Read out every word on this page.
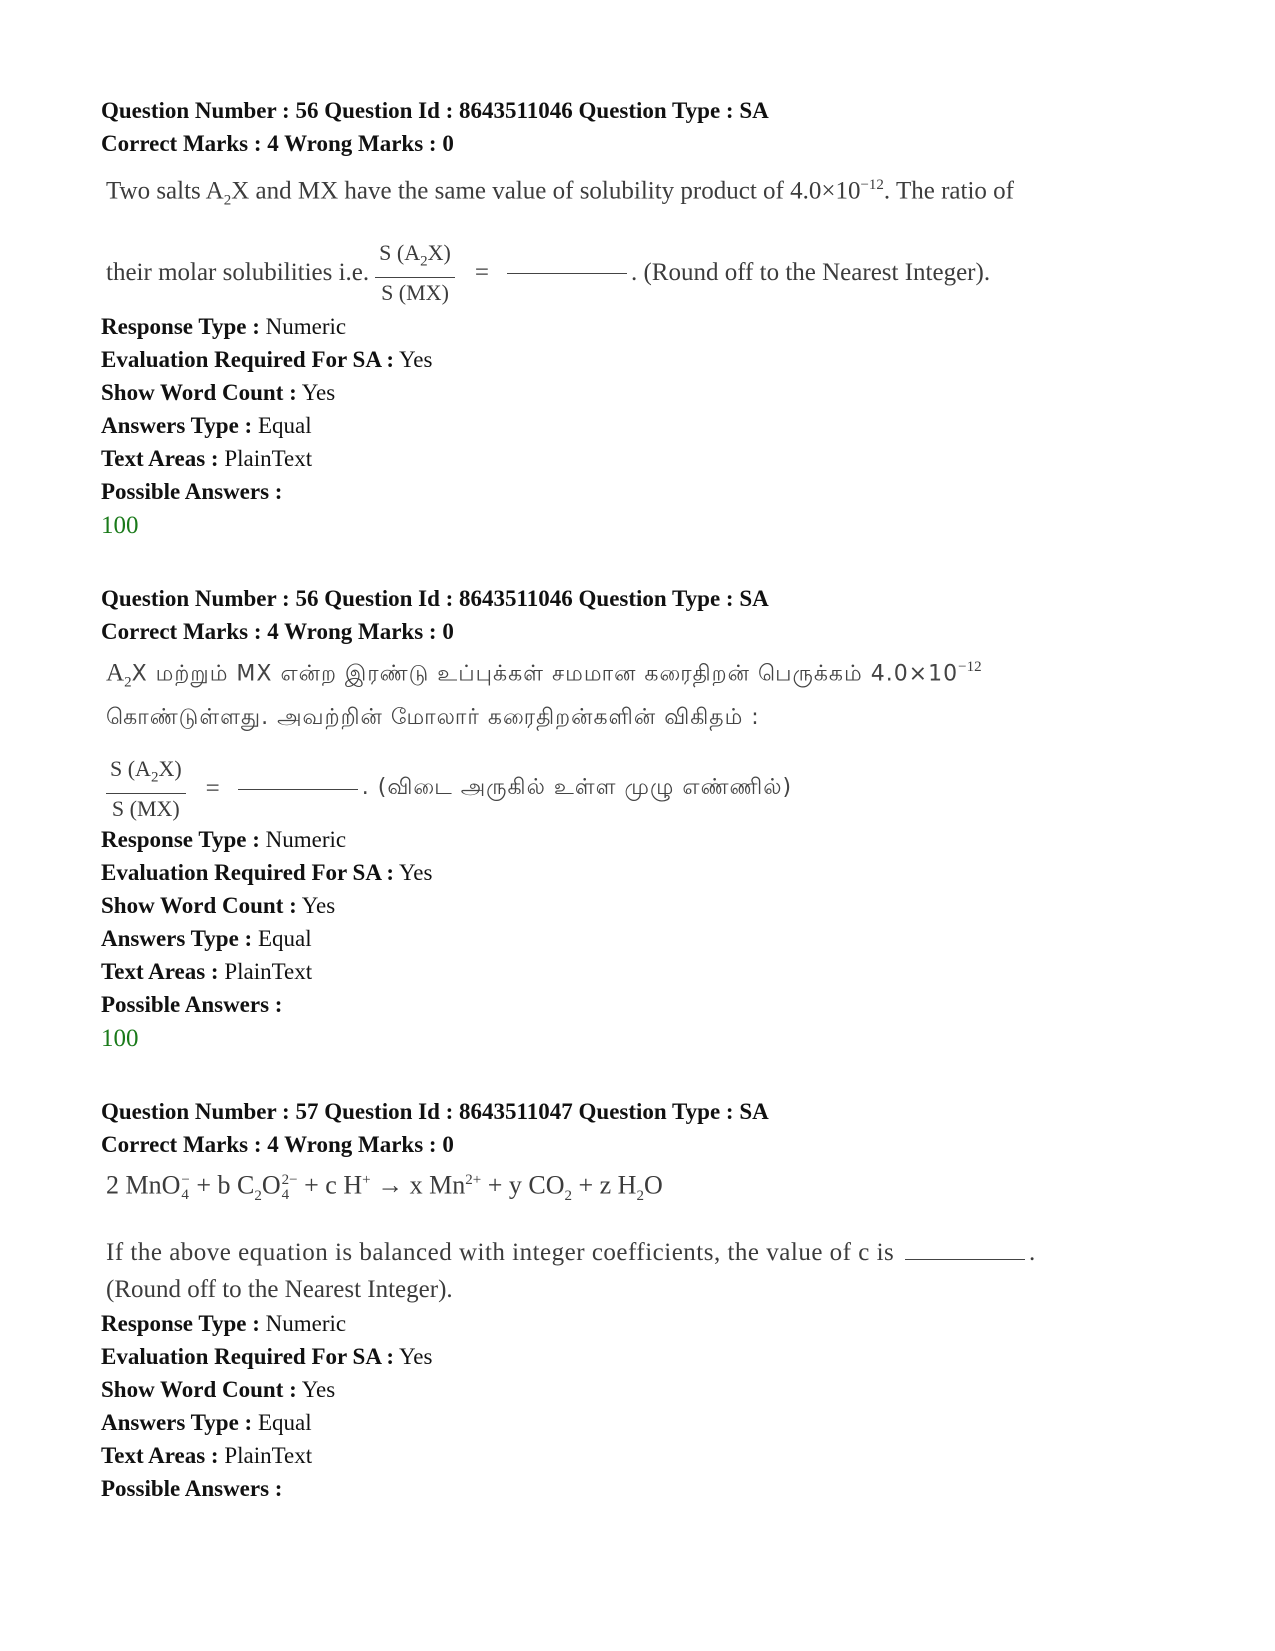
Question Number : 56 Question Id : 8643511046 Question Type : SA
Correct Marks : 4 Wrong Marks : 0
Two salts $A_2X$ and MX have the same value of solubility product of $4.0\times 10^{-12}$. The ratio of
their molar solubilities i.e. $\frac{S (A_2X)}{S (MX)}$ =	. (Round off to the Nearest Integer).
Response Type : Numeric
Evaluation Required For SA : Yes
Show Word Count : Yes
Answers Type : Equal
Text Areas : PlainText
Possible Answers :
100
Question Number : 56 Question Id : 8643511046 Question Type : SA
Correct Marks : 4 Wrong Marks : 0
$A_2X$ மற்றும் MX என்ற இரண்டு உப்புக்கள் சமமான கரைதிறன் பெருக்கம் $4.0\times 10^{-12}$
கொண்டுள்ளது. அவற்றின் மோலார் கரைதிறன்களின் விகிதம் :
$\frac{S (A_2X)}{S (MX)}$ =	. (விடை அருகில் உள்ள முழு எண்ணில்)
Response Type : Numeric
Evaluation Required For SA : Yes
Show Word Count : Yes
Answers Type : Equal
Text Areas : PlainText
Possible Answers :
100
Question Number : 57 Question Id : 8643511047 Question Type : SA
Correct Marks : 4 Wrong Marks : 0
2 MnO −
4 + b $C_2O$ 2−
4 + c H+ → x $Mn^{2+} + y$ $CO_2 + z$ $H_2O$
If the above equation is balanced with integer coefficients, the value of c is	.
(Round off to the Nearest Integer).
Response Type : Numeric
Evaluation Required For SA : Yes
Show Word Count : Yes
Answers Type : Equal
Text Areas : PlainText
Possible Answers :
